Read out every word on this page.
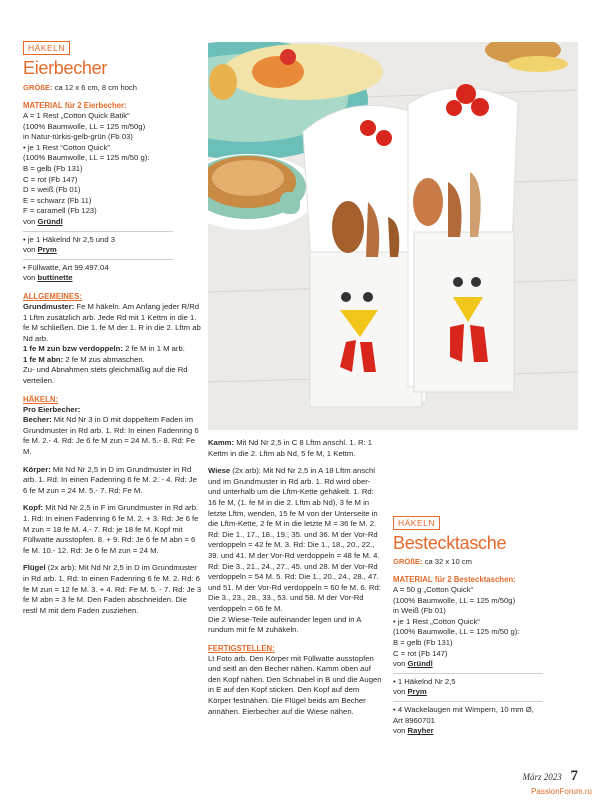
HÄKELN
Eierbecher
GRÖßE: ca 12 x 6 cm, 8 cm hoch
MATERIAL für 2 Eierbecher:
A = 1 Rest „Cotton Quick Batik“
(100% Baumwolle, LL = 125 m/50g)
in Natur-türkis-gelb-grün (Fb 03)
• je 1 Rest “Cotton Quick”
(100% Baumwolle, LL = 125 m/50 g):
B = gelb (Fb 131)
C = rot (Fb 147)
D = weiß (Fb 01)
E = schwarz (Fb 11)
F = caramell (Fb 123)
von Gründl
• je 1 Häkelnd Nr 2,5 und 3
von Prym
• Füllwatte, Art 99.497.04
von buttinette
ALLGEMEINES:
Grundmuster: Fe M häkeln. Am Anfang jeder R/Rd 1 Lftm zusätzlich arb. Jede Rd mit 1 Kettm in die 1. fe M schließen. Die 1. fe M der 1. R in die 2. Lftm ab Nd arb.
1 fe M zun bzw verdoppeln: 2 fe M in 1 M arb.
1 fe M abn: 2 fe M zus abmaschen.
Zu- und Abnahmen stets gleichmäßig auf die Rd verteilen.
HÄKELN:
Pro Eierbecher:
Becher: Mit Nd Nr 3 in D mit doppeltem Faden im Grundmuster in Rd arb. 1. Rd: In einen Fadenring 6 fe M. 2.- 4. Rd: Je 6 fe M zun = 24 M. 5.- 8. Rd: Fe M.
Körper: Mit Nd Nr 2,5 in D im Grundmuster in Rd arb. 1. Rd: In einen Fadenring 6 fe M. 2. - 4. Rd: Je 6 fe M zun = 24 M. 5.- 7. Rd: Fe M.
Kopf: Mit Nd Nr 2,5 in F im Grundmuster in Rd arb. 1. Rd: In einen Fadenring 6 fe M. 2. + 3. Rd: Je 6 fe M zun = 18 fe M. 4.- 7. Rd: je 18 fe M. Kopf mit Füllwatte ausstopfen. 8. + 9. Rd: Je 6 fe M abn = 6 fe M. 10.- 12. Rd: Je 6 fe M zun = 24 M.
Flügel (2x arb): Mit Nd Nr 2,5 in D im Grundmuster in Rd arb. 1. Rd: In einen Fadenring 6 fe M. 2. Rd: 6 fe M zun = 12 fe M. 3. + 4. Rd: Fe M. 5. - 7. Rd: Je 3 fe M abn = 3 fe M. Den Faden abschneiden. Die restl M mit dem Faden zusziehen.
Kamm: Mit Nd Nr 2,5 in C 8 Lftm anschl. 1. R: 1 Kettm in die 2. Lftm ab Nd, 5 fe M, 1 Kettm.
Wiese (2x arb): Mit Nd Nr 2,5 in A 18 Lftm anschl und im Grundmuster in Rd arb. 1. Rd wird ober- und unterhalb um die Lftm-Kette gehäkelt. 1. Rd: 16 fe M, (1. fe M in die 2. Lftm ab Nd), 3 fe M in letzte Lftm, wenden, 15 fe M von der Unterseite in die Lftm-Kette, 2 fe M in die letzte M = 36 fe M. 2. Rd: Die 1., 17., 18., 19., 35. und 36. M der Vor-Rd verdoppeln = 42 fe M. 3. Rd: Die 1., 18., 20., 22., 39. und 41. M der Vor-Rd verdoppeln = 48 fe M. 4. Rd: Die 3., 21., 24., 27., 45. und 28. M der Vor-Rd verdoppeln = 54 M. 5. Rd: Die 1., 20., 24., 28., 47. und 51. M der Vor-Rd verdoppeln = 60 fe M. 6. Rd: Die 3., 23., 28., 33., 53. und 58. M der Vor-Rd verdoppeln = 66 fe M.
Die 2 Wiese-Teile aufeinander legen und in A rundum mit fe M zuhäkeln.
FERTIGSTELLEN:
Lt Foto arb. Den Körper mit Füllwatte ausstopfen und seitl an den Becher nähen. Kamm oben auf den Kopf nähen. Den Schnabel in B und die Augen in E auf den Kopf sticken. Den Kopf auf dem Körper festnähen. Die Flügel beids am Becher annähen. Eierbecher auf die Wiese nähen.
HÄKELN
Bestecktasche
GRÖßE: ca 32 x 10 cm
MATERIAL für 2 Bestecktaschen:
A = 50 g „Cotton Quick“
(100% Baumwolle, LL = 125 m/50g)
in Weiß (Fb 01)
• je 1 Rest „Cotton Quick“
(100% Baumwolle, LL = 125 m/50 g):
B = gelb (Fb 131)
C = rot (Fb 147)
von Gründl
• 1 Häkelnd Nr 2,5
von Prym
• 4 Wackelaugen mit Wimpern, 10 mm Ø,
Art 8960701
von Rayher
März 2023 7
PassionForum.ru
